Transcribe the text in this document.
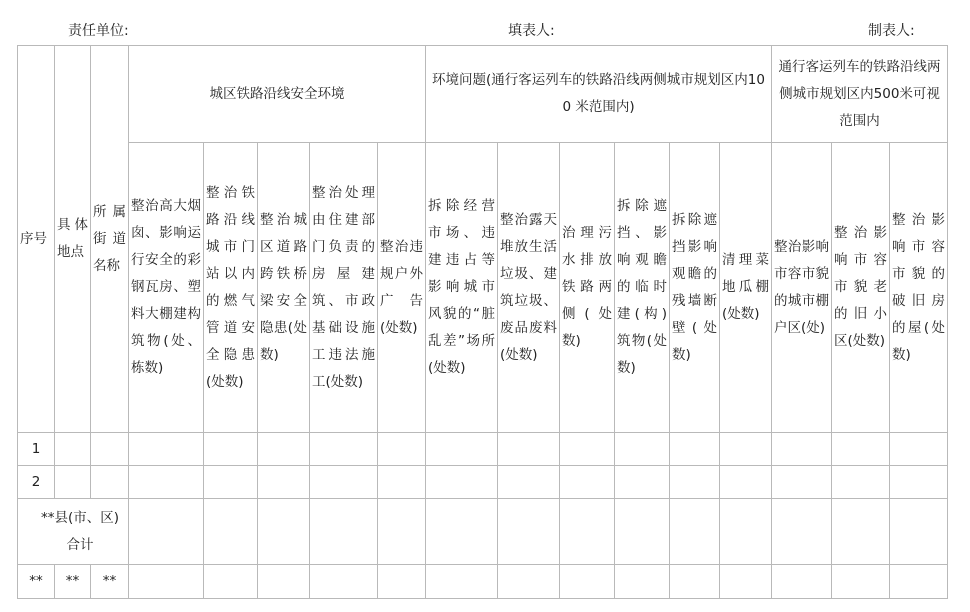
责任单位:	填表人:	制表人:
序号	具体地点	所属街道名称	城区铁路沿线安全环境					环境问题(通行客运列车的铁路沿线两侧城市规划区内100 米范围内)						通行客运列车的铁路沿线两侧城市规划区内500米可视范围内		
			整治高大烟囱、影响运行安全的彩钢瓦房、塑料大棚建构筑物(处、栋数)	整治铁路沿线城市门站以内的燃气管道安全隐患(处数)	整治城区道路跨铁桥梁安全隐患(处数)	整治处理由住建部门负责的房屋建筑、市政基础设施工违法施工(处数)	整治违规户外广告(处数)	拆除经营市场、违建违占等影响城市风貌的“脏乱差”场所(处数)	整治露天堆放生活垃圾、建筑垃圾、废品废料(处数)	治理污水排放铁路两侧(处数)	拆除遮挡、影响观瞻的临时建(构)筑物(处数)	拆除遮挡影响观瞻的残墙断壁(处数)	清理菜地瓜棚(处数)	整治影响市容市貌的城市棚户区(处)	整治影响市容市貌老的旧小区(处数)	整治影响市容市貌的破旧房的屋(处数)
1																
2																
**县(市、区)合计																
**	**	**														
